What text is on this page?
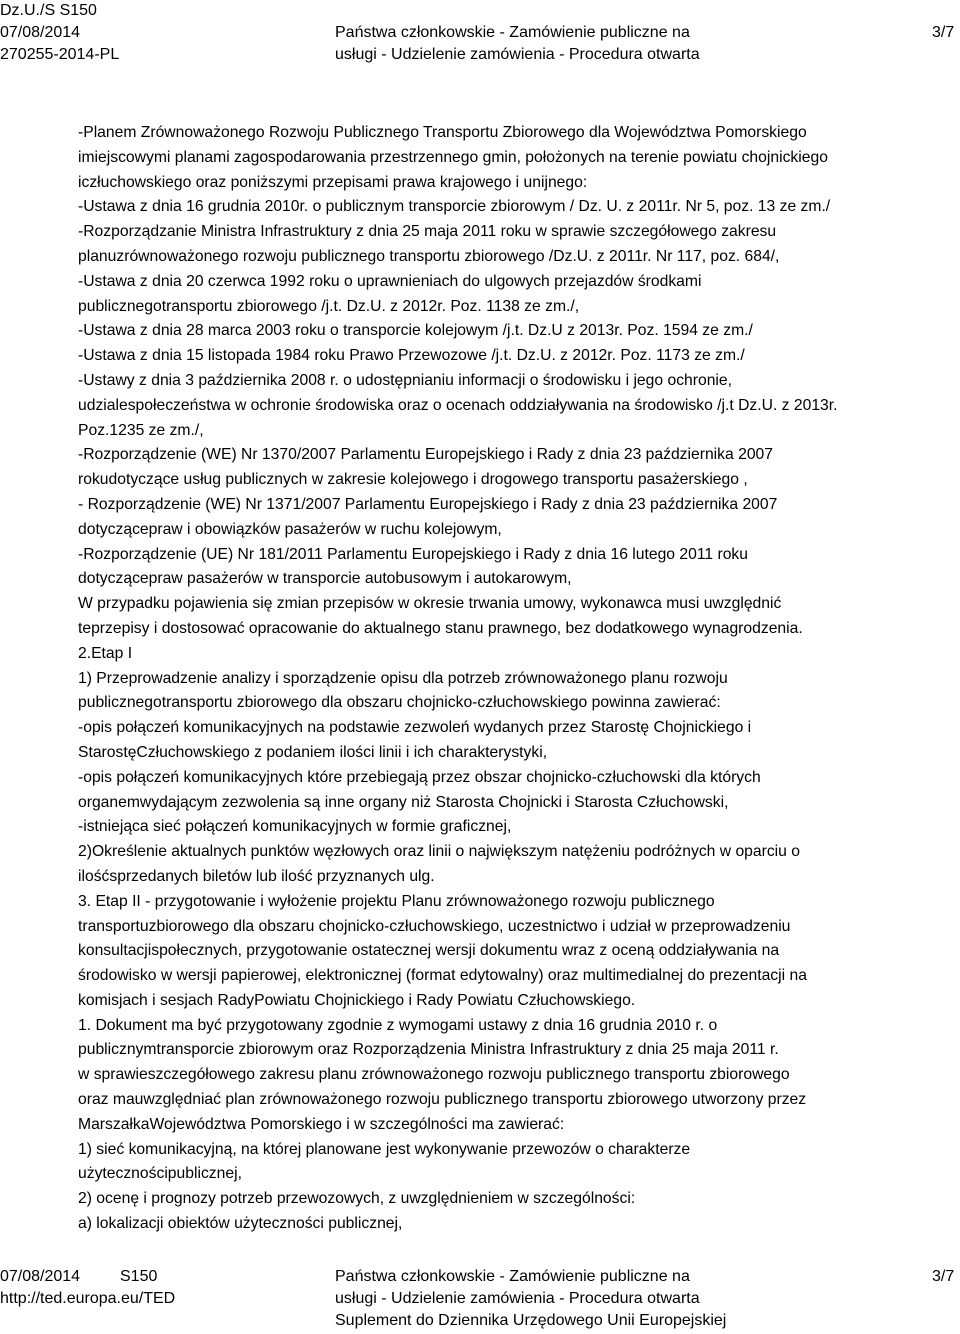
Dz.U./S S150
07/08/2014
270255-2014-PL
Państwa członkowskie - Zamówienie publiczne na
usługi - Udzielenie zamówienia - Procedura otwarta
3/7
-Planem Zrównoważonego Rozwoju Publicznego Transportu Zbiorowego dla Województwa Pomorskiego
imiejscowymi planami zagospodarowania przestrzennego gmin, położonych na terenie powiatu chojnickiego
iczłuchowskiego oraz poniższymi przepisami prawa krajowego i unijnego:
-Ustawa z dnia 16 grudnia 2010r. o publicznym transporcie zbiorowym / Dz. U. z 2011r. Nr 5, poz. 13 ze zm./
-Rozporządzanie Ministra Infrastruktury z dnia 25 maja 2011 roku w sprawie szczegółowego zakresu
planuzrównoważonego rozwoju publicznego transportu zbiorowego /Dz.U. z 2011r. Nr 117, poz. 684/,
-Ustawa z dnia 20 czerwca 1992 roku o uprawnieniach do ulgowych przejazdów środkami
publicznegotransportu zbiorowego /j.t. Dz.U. z 2012r. Poz. 1138 ze zm./,
-Ustawa z dnia 28 marca 2003 roku o transporcie kolejowym /j.t. Dz.U z 2013r. Poz. 1594 ze zm./
-Ustawa z dnia 15 listopada 1984 roku Prawo Przewozowe /j.t. Dz.U. z 2012r. Poz. 1173 ze zm./
-Ustawy z dnia 3 października 2008 r. o udostępnianiu informacji o środowisku i jego ochronie,
udzialespołeczeństwa w ochronie środowiska oraz o ocenach oddziaływania na środowisko /j.t Dz.U. z 2013r.
Poz.1235 ze zm./,
-Rozporządzenie (WE) Nr 1370/2007 Parlamentu Europejskiego i Rady z dnia 23 października 2007
rokudotyczące usług publicznych w zakresie kolejowego i drogowego transportu pasażerskiego ,
- Rozporządzenie (WE) Nr 1371/2007 Parlamentu Europejskiego i Rady z dnia 23 października 2007
dotyczącepraw i obowiązków pasażerów w ruchu kolejowym,
-Rozporządzenie (UE) Nr 181/2011 Parlamentu Europejskiego i Rady z dnia 16 lutego 2011 roku
dotyczącepraw pasażerów w transporcie autobusowym i autokarowym,
W przypadku pojawienia się zmian przepisów w okresie trwania umowy, wykonawca musi uwzględnić
teprzepisy i dostosować opracowanie do aktualnego stanu prawnego, bez dodatkowego wynagrodzenia.
2.Etap I
1) Przeprowadzenie analizy i sporządzenie opisu dla potrzeb zrównoważonego planu rozwoju
publicznegotransportu zbiorowego dla obszaru chojnicko-człuchowskiego powinna zawierać:
-opis połączeń komunikacyjnych na podstawie zezwoleń wydanych przez Starostę Chojnickiego i
StarostęCzłuchowskiego z podaniem ilości linii i ich charakterystyki,
-opis połączeń komunikacyjnych które przebiegają przez obszar chojnicko-człuchowski dla których
organemwydającym zezwolenia są inne organy niż Starosta Chojnicki i Starosta Człuchowski,
-istniejąca sieć połączeń komunikacyjnych w formie graficznej,
2)Określenie aktualnych punktów węzłowych oraz linii o największym natężeniu podróżnych w oparciu o
ilośćsprzedanych biletów lub ilość przyznanych ulg.
3. Etap II - przygotowanie i wyłożenie projektu Planu zrównoważonego rozwoju publicznego
transportuzbiorowego dla obszaru chojnicko-człuchowskiego, uczestnictwo i udział w przeprowadzeniu
konsultacjispołecznych, przygotowanie ostatecznej wersji dokumentu wraz z oceną oddziaływania na
środowisko w wersji papierowej, elektronicznej (format edytowalny) oraz multimedialnej do prezentacji na
komisjach i sesjach RadyPowiatu Chojnickiego i Rady Powiatu Człuchowskiego.
1. Dokument ma być przygotowany zgodnie z wymogami ustawy z dnia 16 grudnia 2010 r. o
publicznymtransporcie zbiorowym oraz Rozporządzenia Ministra Infrastruktury z dnia 25 maja 2011 r.
w sprawieszczegółowego zakresu planu zrównoważonego rozwoju publicznego transportu zbiorowego
oraz mauwzględniać plan zrównoważonego rozwoju publicznego transportu zbiorowego utworzony przez
MarszałkaWojewództwa Pomorskiego i w szczególności ma zawierać:
1) sieć komunikacyjną, na której planowane jest wykonywanie przewozów o charakterze
użytecznościpublicznej,
2) ocenę i prognozy potrzeb przewozowych, z uwzględnieniem w szczególności:
a) lokalizacji obiektów użyteczności publicznej,
07/08/2014 S150
http://ted.europa.eu/TED
Państwa członkowskie - Zamówienie publiczne na
usługi - Udzielenie zamówienia - Procedura otwarta
Suplement do Dziennika Urzędowego Unii Europejskiej
3/7
